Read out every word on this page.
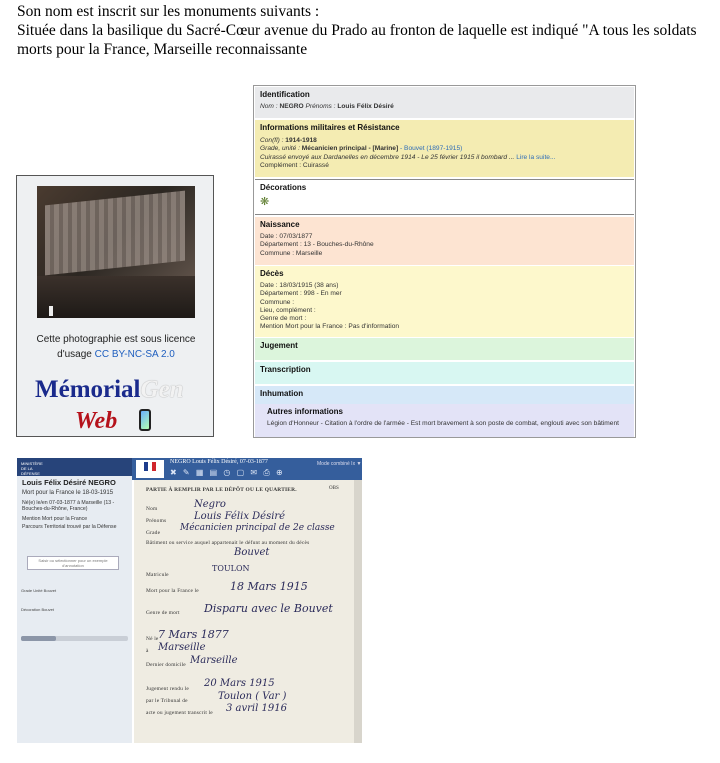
Son nom est inscrit sur les monuments suivants :

Située dans la basilique du Sacré-Cœur avenue du Prado au fronton de laquelle est indiqué "A tous les soldats morts pour la France, Marseille reconnaissante

Cette photographie est sous licence d'usage CC BY-NC-SA 2.0
MémorialGen
Web
Identification
Nom : NEGRO Prénoms : Louis Félix Désiré
Informations militaires et Résistance
Con(fl) : 1914-1918
Grade, unité : Mécanicien principal - [Marine] - Bouvet (1897-1915)
Cuirassé envoyé aux Dardanelles en décembre 1914 - Le 25 février 1915 il bombard ... Lire la suite...
Complément : Cuirassé
Décorations
❋
Naissance
Date : 07/03/1877
Département : 13 - Bouches-du-Rhône
Commune : Marseille
Décès
Date : 18/03/1915 (38 ans)
Département : 998 - En mer
Commune :
Lieu, complément :
Genre de mort :
Mention Mort pour la France : Pas d'information
Jugement
Transcription
Inhumation
Autres informations
Légion d'Honneur - Citation à l'ordre de l'armée - Est mort bravement à son poste de combat, englouti avec son bâtiment
MINISTÈRE DE LA DÉFENSE
Louis Félix Désiré NEGRO
Mort pour la France le 18-03-1915
Né(e) le/en 07-03-1877 à Marseille (13 - Bouches-du-Rhône, France)
Mention Mort pour la France
Parcours Territorial trouvé par la Défense
Saisir ou sélectionner pour un exemple d'annotation
Grade Unité Bouvet
Décoration Bouvet
NEGRO Louis Félix Désiré, 07-03-1877
✖ ✎ ▦ ▤ ◷ ▢ ✉ ⎙ ⊕
Mode combiné Ix ▼
PARTIE À REMPLIR PAR LE DÉPÔT OU LE QUARTIER.	OBS
Nom	Negro
Prénoms	Louis Félix Désiré
Grade Mécanicien principal de 2e classe
Bâtiment ou service auquel appartenait le défunt au moment du décès
Bouvet
TOULON
Matricule
Mort pour la France le	18 Mars 1915
Genre de mort Disparu avec le Bouvet
Né le 7 Mars 1877
à Marseille
Dernier domicile Marseille
Jugement rendu le 20 Mars 1915
par le Tribunal de	Toulon ( Var )
acte ou jugement transcrit le 3 avril 1916
